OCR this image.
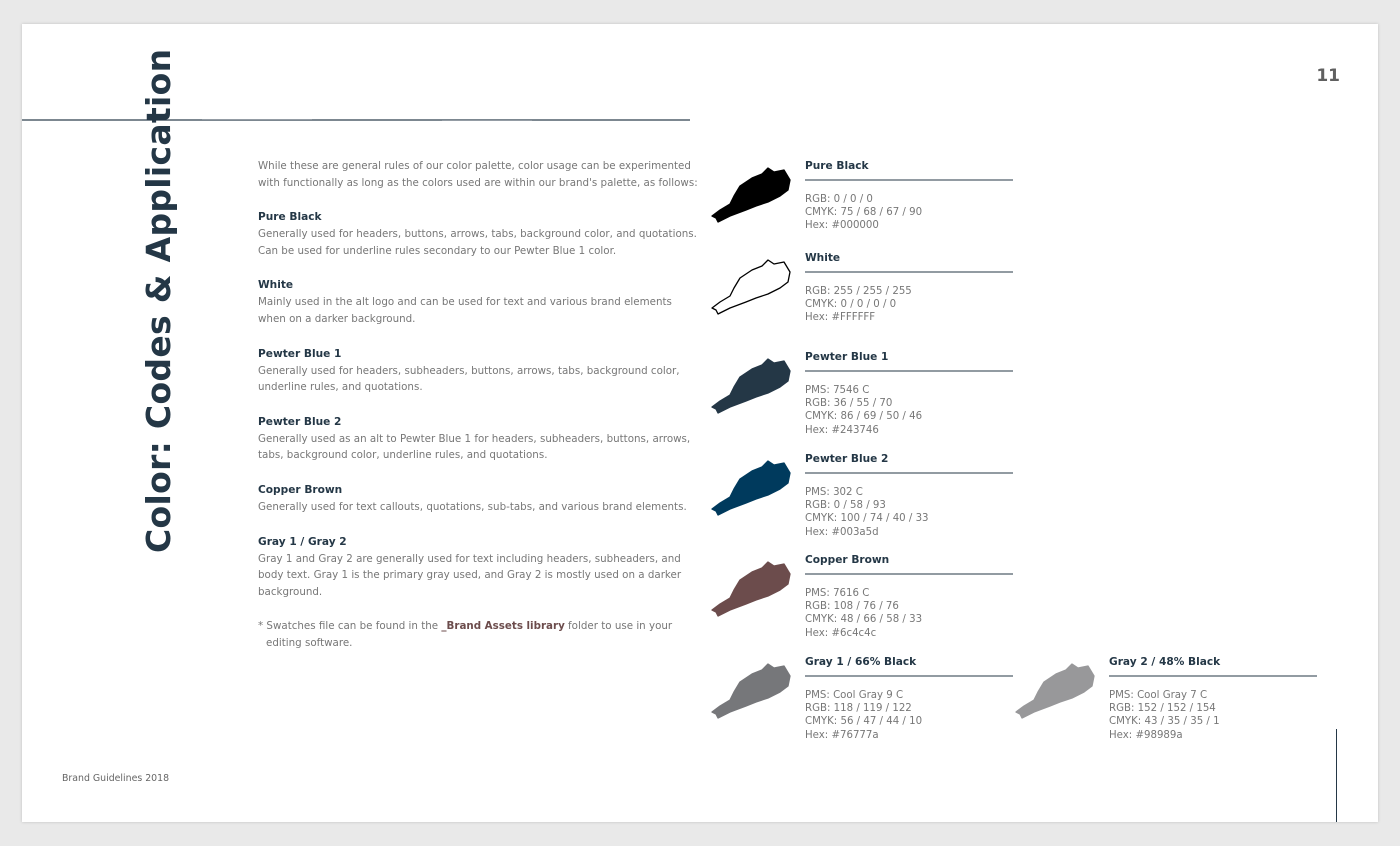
11
Color: Codes & Application	While these are general rules of our color palette, color usage can be experimented with functionally as long as the colors used are within our brand's palette, as follows:

Pure Black
Generally used for headers, buttons, arrows, tabs, background color, and quotations. Can be used for underline rules secondary to our Pewter Blue 1 color.
White
Mainly used in the alt logo and can be used for text and various brand elements when on a darker background.
Pewter Blue 1
Generally used for headers, subheaders, buttons, arrows, tabs, background color, underline rules, and quotations.
Pewter Blue 2
Generally used as an alt to Pewter Blue 1 for headers, subheaders, buttons, arrows, tabs, background color, underline rules, and quotations.
Copper Brown
Generally used for text callouts, quotations, sub-tabs, and various brand elements.
Gray 1 / Gray 2
Gray 1 and Gray 2 are generally used for text including headers, subheaders, and body text. Gray 1 is the primary gray used, and Gray 2 is mostly used on a darker background.
* Swatches file can be found in the _Brand Assets library folder to use in your editing software.
Pure Black
RGB: 0 / 0 / 0
CMYK: 75 / 68 / 67 / 90
Hex: #000000
White
RGB: 255 / 255 / 255
CMYK: 0 / 0 / 0 / 0
Hex: #FFFFFF
Pewter Blue 1
PMS: 7546 C
RGB: 36 / 55 / 70
CMYK: 86 / 69 / 50 / 46
Hex: #243746
Pewter Blue 2
PMS: 302 C
RGB: 0 / 58 / 93
CMYK: 100 / 74 / 40 / 33
Hex: #003a5d
Copper Brown
PMS: 7616 C
RGB: 108 / 76 / 76
CMYK: 48 / 66 / 58 / 33
Hex: #6c4c4c
Gray 1 / 66% Black
PMS: Cool Gray 9 C
RGB: 118 / 119 / 122
CMYK: 56 / 47 / 44 / 10
Hex: #76777a
Gray 2 / 48% Black
PMS: Cool Gray 7 C
RGB: 152 / 152 / 154
CMYK: 43 / 35 / 35 / 1
Hex: #98989a
Brand Guidelines 2018
